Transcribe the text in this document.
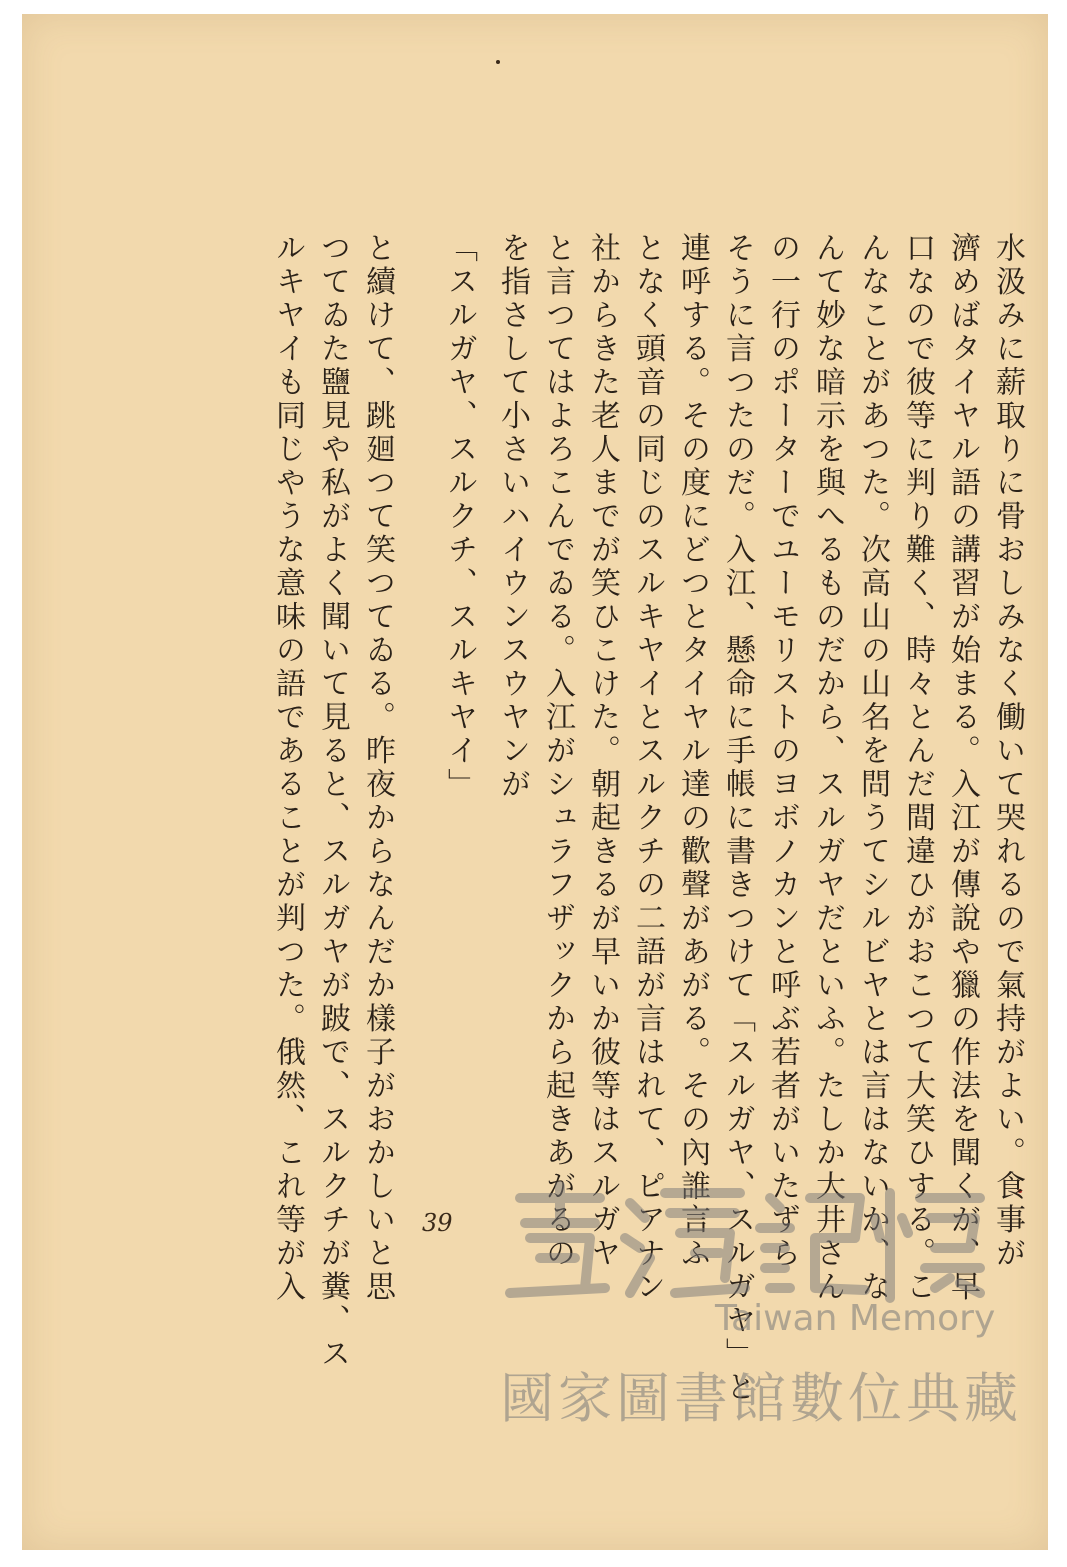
水汲みに薪取りに骨おしみなく働いて哭れるので氣持がよい。食事が
濟めばタイヤル語の講習が始まる。入江が傳說や獵の作法を聞くが、早
口なので彼等に判り難く、時々とんだ間違ひがおこつて大笑ひする。こ
んなことがあつた。次高山の山名を問うてシルビヤとは言はないか、な
んて妙な暗示を與へるものだから、スルガヤだといふ。たしか大井さん
の一行のポーターでユーモリストのヨボノカンと呼ぶ若者がいたずら
そうに言つたのだ。入江、懸命に手帳に書きつけて「スルガヤ、スルガヤ」と
連呼する。その度にどつとタイヤル達の歡聲があがる。その內誰言ふ
となく頭音の同じのスルキヤイとスルクチの二語が言はれて、ピアナン
社からきた老人までが笑ひこけた。朝起きるが早いか彼等はスルガヤ
と言つてはよろこんでゐる。入江がシュラフザックから起きあがるの
を指さして小さいハイウンスウヤンが
「スルガヤ、スルクチ、スルキヤイ」
と續けて、跳廻つて笑つてゐる。昨夜からなんだか樣子がおかしいと思
つてゐた鹽見や私がよく聞いて見ると、スルガヤが跛で、スルクチが糞、ス
ルキヤイも同じやうな意味の語であることが判つた。俄然、これ等が入	39
Taiwan Memory
國家圖書館數位典藏
